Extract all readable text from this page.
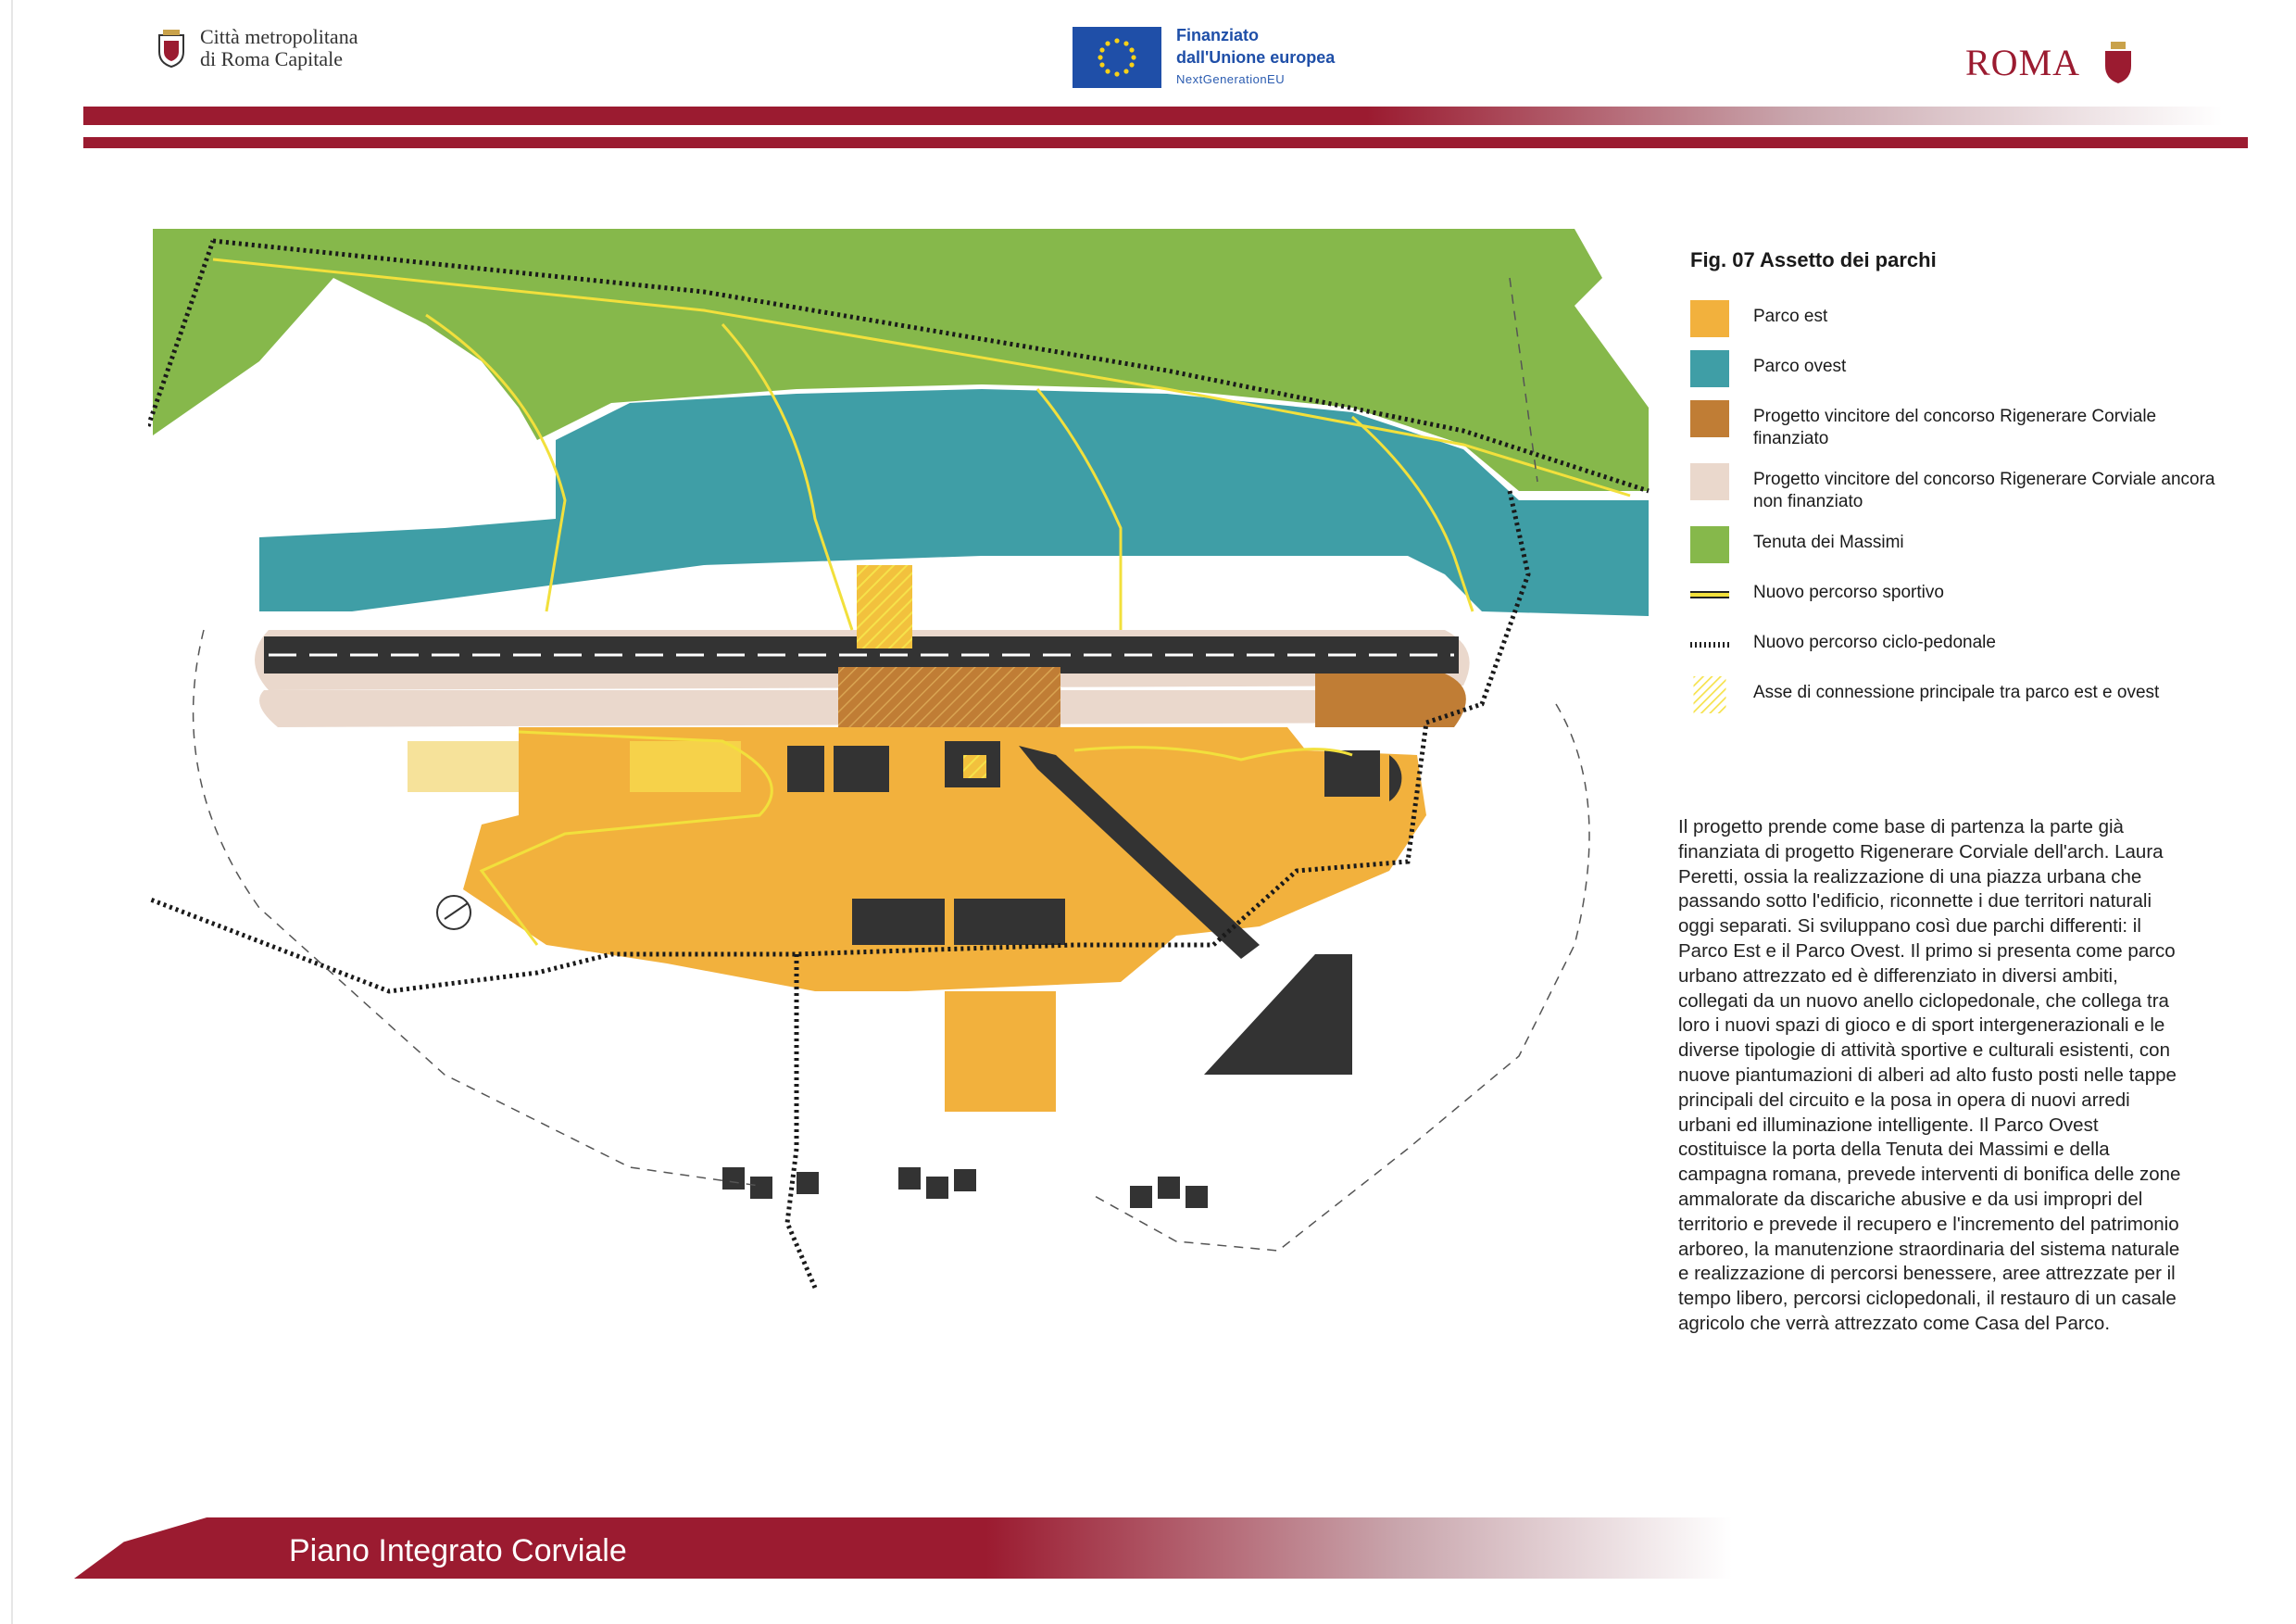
Città metropolitana
di Roma Capitale
Finanziato
dall'Unione europea
NextGenerationEU	ROMA
Fig. 07 Assetto dei parchi
Parco est
Parco ovest
Progetto vincitore del concorso Rigenerare Corviale finanziato
Progetto vincitore del concorso Rigenerare Corviale ancora non finanziato
Tenuta dei Massimi
Nuovo percorso sportivo
Nuovo percorso ciclo-pedonale
Asse di connessione principale tra parco est e ovest
Il progetto prende come base di partenza la parte già finanziata di progetto Rigenerare Corviale dell'arch. Laura Peretti, ossia la realizzazione di una piazza urbana che passando sotto l'edificio, riconnette i due territori naturali oggi separati. Si sviluppano così due parchi differenti: il Parco Est e il Parco Ovest. Il primo si presenta come parco urbano attrezzato ed è differenziato in diversi ambiti, collegati da un nuovo anello ciclopedonale, che collega tra loro i nuovi spazi di gioco e di sport intergenerazionali e le diverse tipologie di attività sportive e culturali esistenti, con nuove piantumazioni di alberi ad alto fusto posti nelle tappe principali del circuito e la posa in opera di nuovi arredi urbani ed illuminazione intelligente. Il Parco Ovest costituisce la porta della Tenuta dei Massimi e della campagna romana, prevede interventi di bonifica delle zone ammalorate da discariche abusive e da usi impropri del territorio e prevede il recupero e l'incremento del patrimonio arboreo, la manutenzione straordinaria del sistema naturale e realizzazione di percorsi benessere, aree attrezzate per il tempo libero, percorsi ciclopedonali, il restauro di un casale agricolo che verrà attrezzato come Casa del Parco.
Piano Integrato Corviale
